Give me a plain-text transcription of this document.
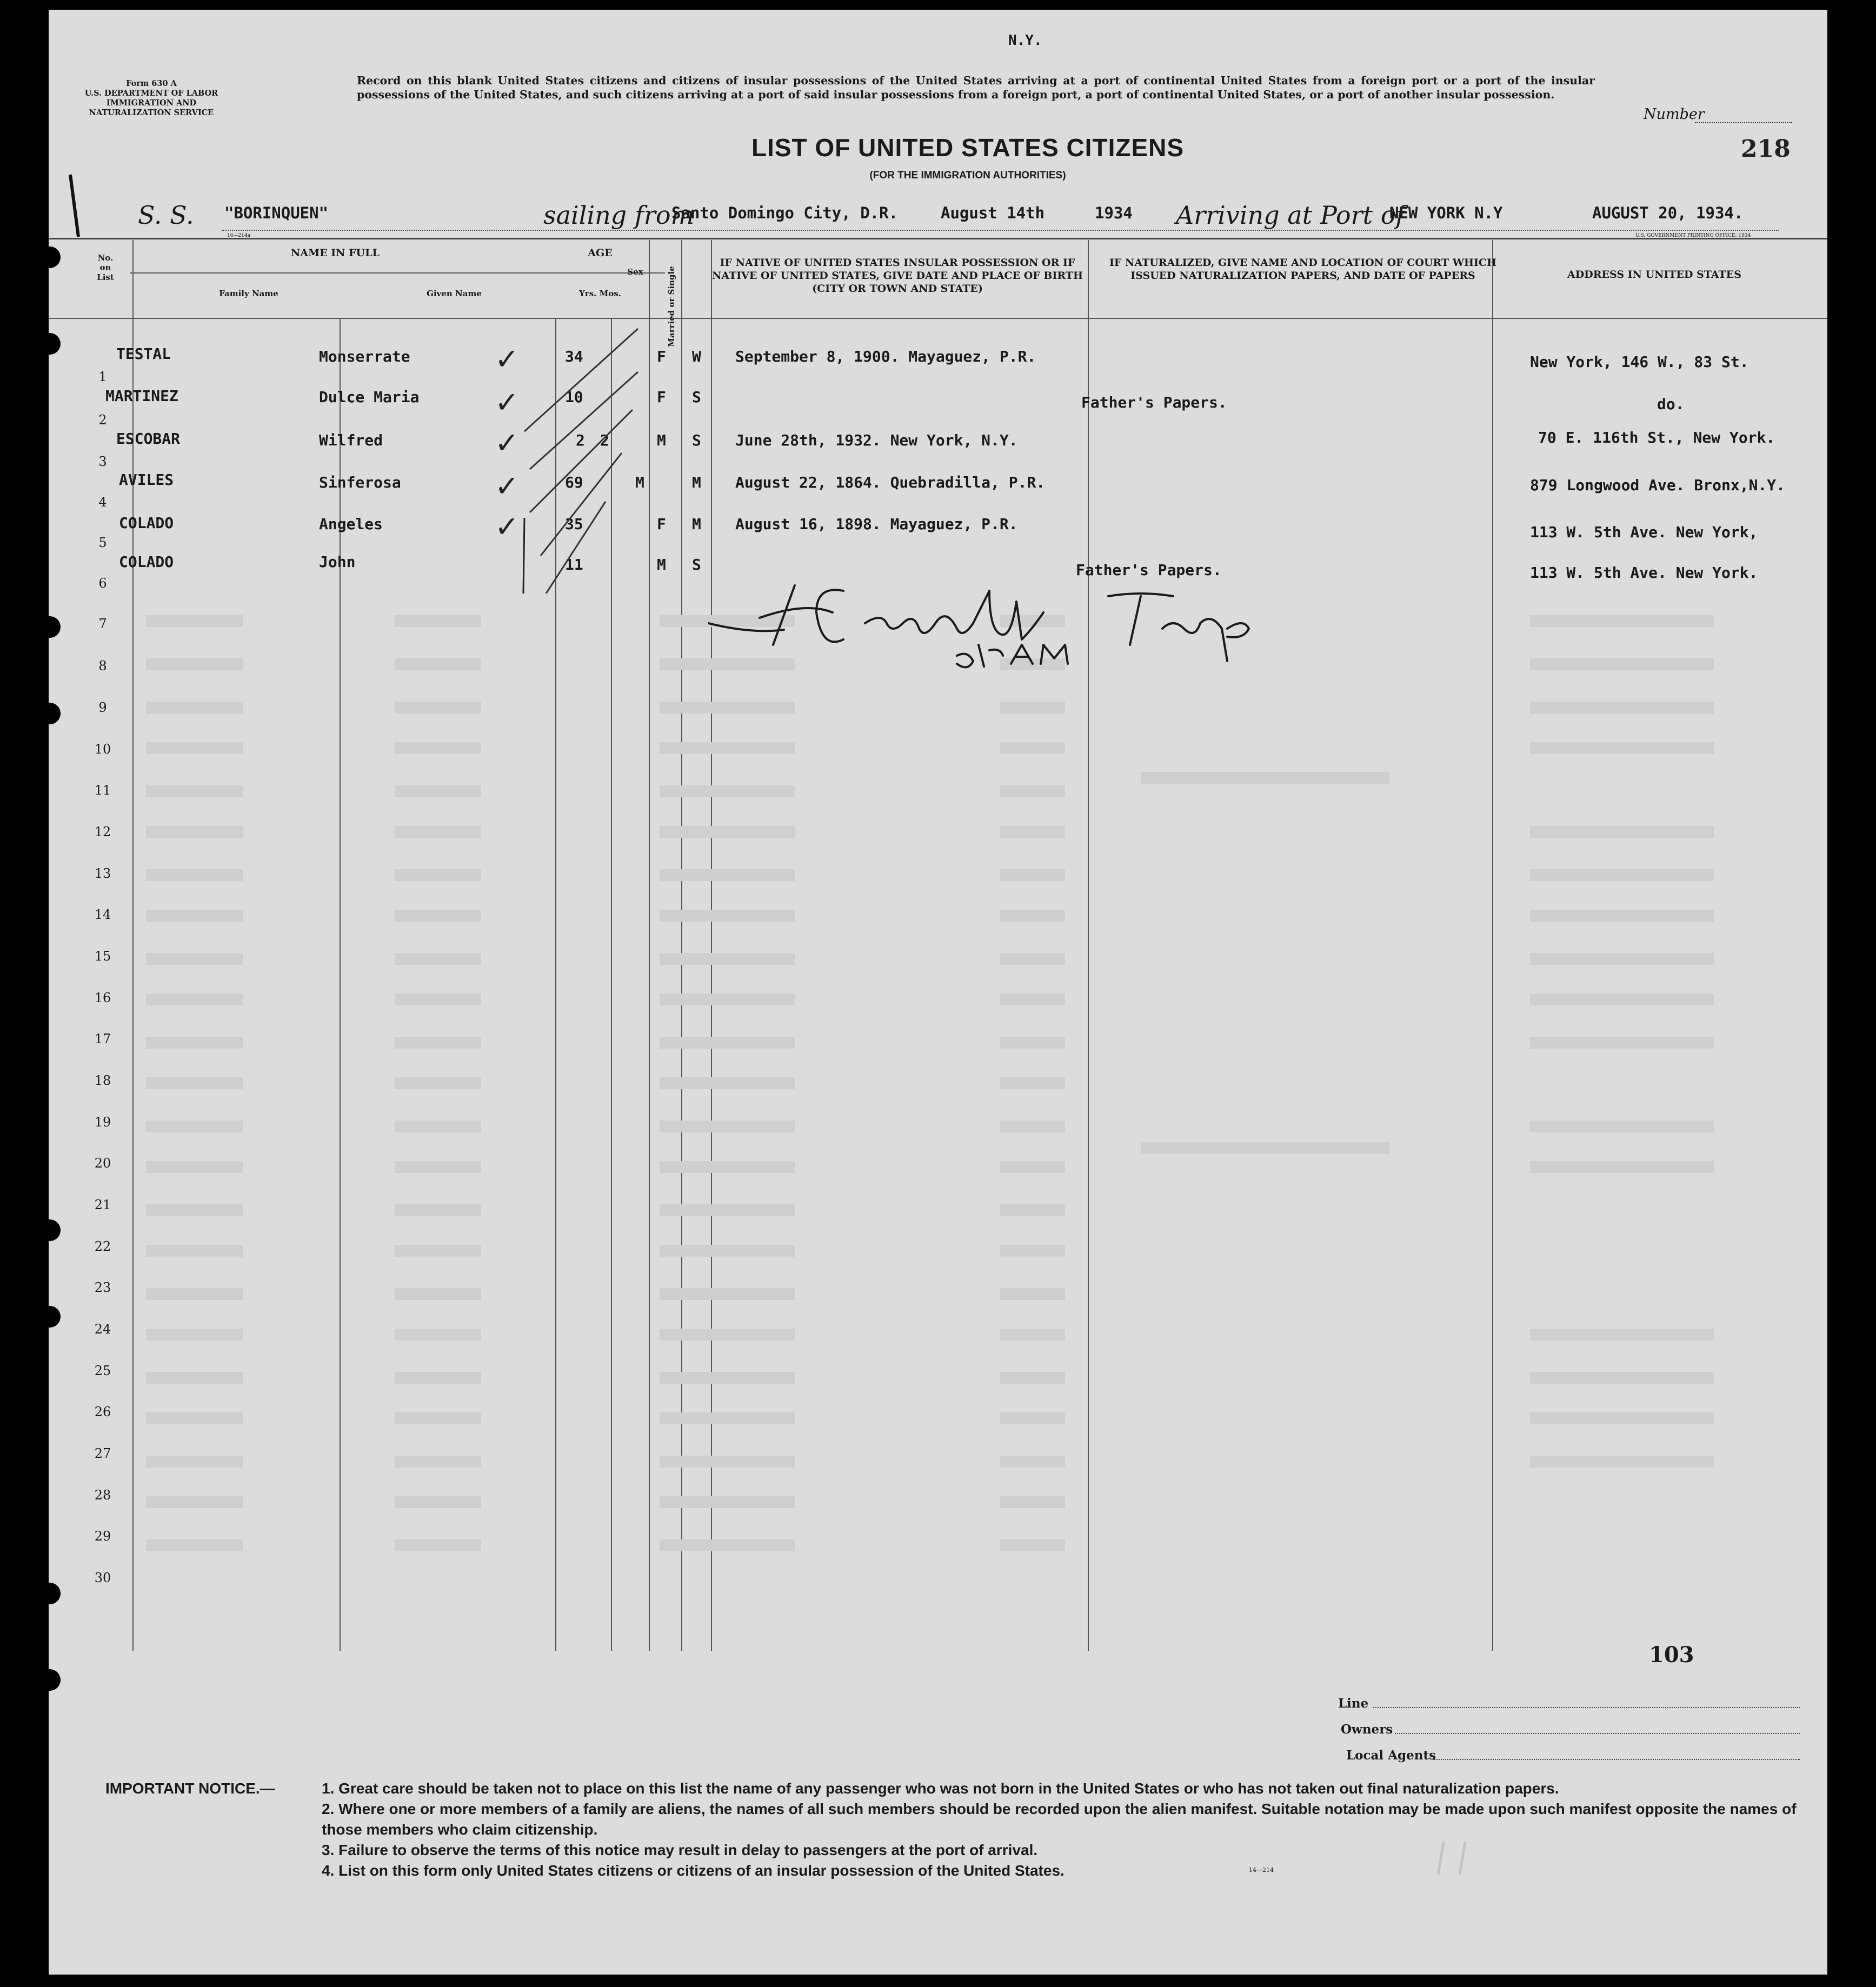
N.Y.
Form 630 A
U.S. DEPARTMENT OF LABOR
IMMIGRATION AND
NATURALIZATION SERVICE
Record on this blank United States citizens and citizens of insular possessions of the United States arriving at a port of continental United States from a foreign port or a port of the insular possessions of the United States, and such citizens arriving at a port of said insular possessions from a foreign port, a port of continental United States, or a port of another insular possession.
Number
218
LIST OF UNITED STATES CITIZENS
(FOR THE IMMIGRATION AUTHORITIES)
S. S. "BORINQUEN"	sailing from
Santo Domingo City, D.R.	August 14th	1934 Arriving at Port of
NEW YORK N.Y	AUGUST 20, 1934.
16—214a	U.S. GOVERNMENT PRINTING OFFICE: 1934
No. on List
NAME IN FULL
Family Name	Given Name
AGE
Yrs. Mos.
Sex	Married or Single
IF NATIVE OF UNITED STATES INSULAR POSSESSION OR IF NATIVE OF UNITED STATES, GIVE DATE AND PLACE OF BIRTH (CITY OR TOWN AND STATE)
IF NATURALIZED, GIVE NAME AND LOCATION OF COURT WHICH ISSUED NATURALIZATION PAPERS, AND DATE OF PAPERS	ADDRESS IN UNITED STATES
1
TESTAL	Monserrate	34	F W September 8, 1900. Mayaguez, P.R.	New York, 146 W., 83 St.
2
MARTINEZ	Dulce Maria	10	F S	Father's Papers.	do.
3
ESCOBAR	Wilfred	2 2	M S June 28th, 1932. New York, N.Y.	70 E. 116th St., New York.
4
AVILES	Sinferosa	69	M	M August 22, 1864. Quebradilla, P.R.	879 Longwood Ave. Bronx,N.Y.
5
COLADO	Angeles	35	F M August 16, 1898. Mayaguez, P.R.	113 W. 5th Ave. New York,
6
COLADO	John	11	M S	Father's Papers.	113 W. 5th Ave. New York.
✓
✓
✓
✓
✓
7
8
9
10
11
12
13
14
15
16
17
18
19
20
21
22
23
24
25
26
27
28
29
30
103
Line
Owners
Local Agents
IMPORTANT NOTICE.—	1. Great care should be taken not to place on this list the name of any passenger who was not born in the United States or who has not taken out final naturalization papers.
2. Where one or more members of a family are aliens, the names of all such members should be recorded upon the alien manifest. Suitable notation may be made upon such manifest opposite the names of those members who claim citizenship.
3. Failure to observe the terms of this notice may result in delay to passengers at the port of arrival.
4. List on this form only United States citizens or citizens of an insular possession of the United States.	14—214
